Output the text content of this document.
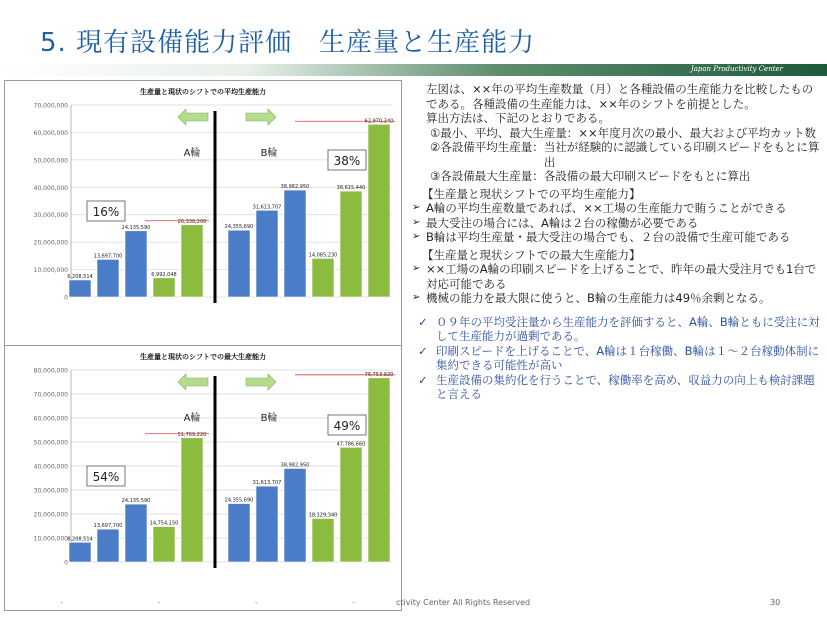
5. 現有設備能力評価　生産量と生産能力
Japan Productivity Center
生産量と現状のシフトでの平均生産能力
0
10,000,000
20,000,000
30,000,000
40,000,000
50,000,000
60,000,000
70,000,000
6,208,514
13,697,700
24,135,590
6,992,048
26,338,200
24,355,690
31,613,707
38,982,950
14,085,230
38,615,440
62,970,340
A輪	B輪
16%
38%
生産量と現状のシフトでの最大生産能力
0
10,000,000
20,000,000
30,000,000
40,000,000
50,000,000
60,000,000
70,000,000
80,000,000
8,208,514
13,697,700
24,135,590
14,754,150
51,769,220
24,355,690
31,613,707
38,982,950
18,129,340
47,786,660
76,753,920
A輪	B輪
54%
49%
左図は、××年の平均生産数量（月）と各種設備の生産能力を比較したものである。各種設備の生産能力は、××年のシフトを前提とした。
算出方法は、下記のとおりである。
①最小、平均、最大生産量： ××年度月次の最小、最大および平均カット数
②各設備平均生産量： 当社が経験的に認識している印刷スピードをもとに算出
③各設備最大生産量： 各設備の最大印刷スピードをもとに算出
【生産量と現状シフトでの平均生産能力】
➢ A輪の平均生産数量であれば、××工場の生産能力で賄うことができる
➢ 最大受注の場合には、A輪は２台の稼働が必要である
➢ B輪は平均生産量・最大受注の場合でも、２台の設備で生産可能である
【生産量と現状シフトでの最大生産能力】
➢ ××工場のA輪の印刷スピードを上げることで、昨年の最大受注月でも1台で対応可能である
➢ 機械の能力を最大限に使うと、B輪の生産能力は49％余剰となる。
✓ ０９年の平均受注量から生産能力を評価すると、A輪、B輪ともに受注に対して生産能力が過剰である。
✓ 印刷スピードを上げることで、A輪は１台稼働、B輪は１～２台稼動体制に集約できる可能性が高い
✓ 生産設備の集約化を行うことで、稼働率を高め、収益力の向上も検討課題と言える
- - - -
ctivity Center All Rights Reserved	30
